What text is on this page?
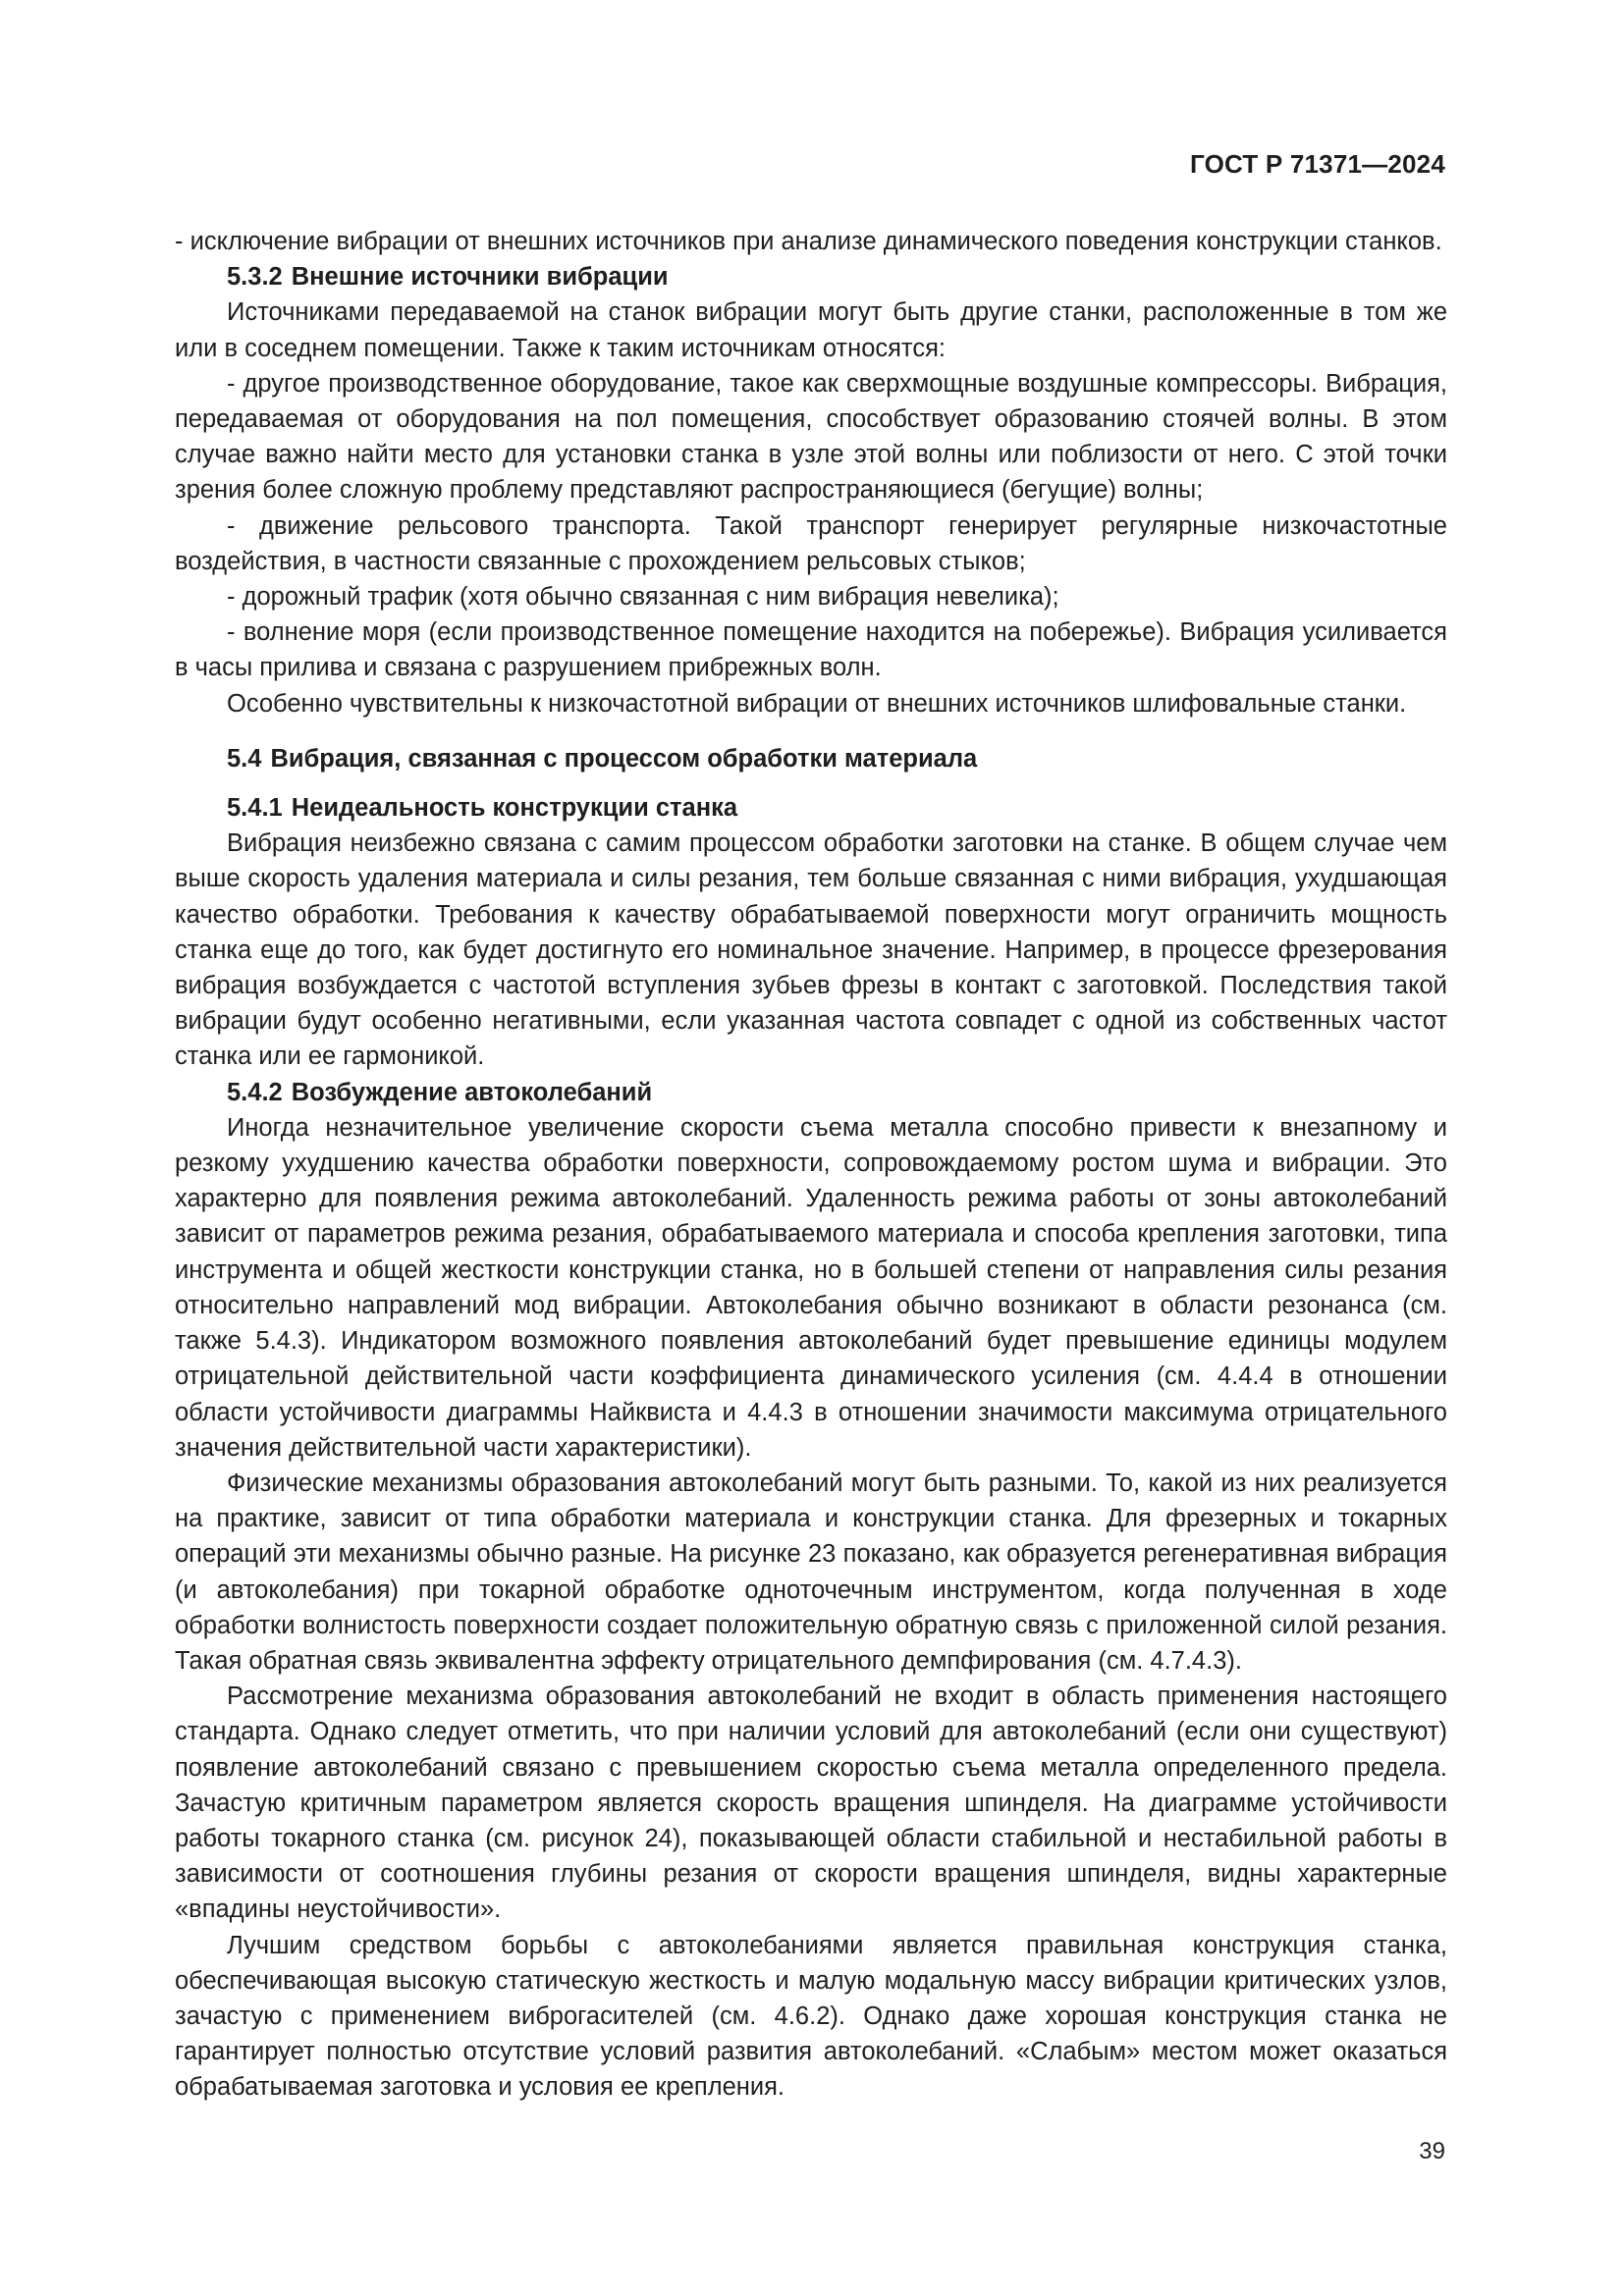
ГОСТ Р 71371—2024

- исключение вибрации от внешних источников при анализе динамического поведения конструкции станков.

5.3.2 Внешние источники вибрации

Источниками передаваемой на станок вибрации могут быть другие станки, расположенные в том же или в соседнем помещении. Также к таким источникам относятся:

- другое производственное оборудование, такое как сверхмощные воздушные компрессоры. Вибрация, передаваемая от оборудования на пол помещения, способствует образованию стоячей волны. В этом случае важно найти место для установки станка в узле этой волны или поблизости от него. С этой точки зрения более сложную проблему представляют распространяющиеся (бегущие) волны;

- движение рельсового транспорта. Такой транспорт генерирует регулярные низкочастотные воздействия, в частности связанные с прохождением рельсовых стыков;

- дорожный трафик (хотя обычно связанная с ним вибрация невелика);

- волнение моря (если производственное помещение находится на побережье). Вибрация усиливается в часы прилива и связана с разрушением прибрежных волн.

Особенно чувствительны к низкочастотной вибрации от внешних источников шлифовальные станки.

5.4 Вибрация, связанная с процессом обработки материала
5.4.1 Неидеальность конструкции станка

Вибрация неизбежно связана с самим процессом обработки заготовки на станке. В общем случае чем выше скорость удаления материала и силы резания, тем больше связанная с ними вибрация, ухудшающая качество обработки. Требования к качеству обрабатываемой поверхности могут ограничить мощность станка еще до того, как будет достигнуто его номинальное значение. Например, в процессе фрезерования вибрация возбуждается с частотой вступления зубьев фрезы в контакт с заготовкой. Последствия такой вибрации будут особенно негативными, если указанная частота совпадет с одной из собственных частот станка или ее гармоникой.

5.4.2 Возбуждение автоколебаний

Иногда незначительное увеличение скорости съема металла способно привести к внезапному и резкому ухудшению качества обработки поверхности, сопровождаемому ростом шума и вибрации. Это характерно для появления режима автоколебаний. Удаленность режима работы от зоны автоколебаний зависит от параметров режима резания, обрабатываемого материала и способа крепления заготовки, типа инструмента и общей жесткости конструкции станка, но в большей степени от направления силы резания относительно направлений мод вибрации. Автоколебания обычно возникают в области резонанса (см. также 5.4.3). Индикатором возможного появления автоколебаний будет превышение единицы модулем отрицательной действительной части коэффициента динамического усиления (см. 4.4.4 в отношении области устойчивости диаграммы Найквиста и 4.4.3 в отношении значимости максимума отрицательного значения действительной части характеристики).

Физические механизмы образования автоколебаний могут быть разными. То, какой из них реализуется на практике, зависит от типа обработки материала и конструкции станка. Для фрезерных и токарных операций эти механизмы обычно разные. На рисунке 23 показано, как образуется регенеративная вибрация (и автоколебания) при токарной обработке одноточечным инструментом, когда полученная в ходе обработки волнистость поверхности создает положительную обратную связь с приложенной силой резания. Такая обратная связь эквивалентна эффекту отрицательного демпфирования (см. 4.7.4.3).

Рассмотрение механизма образования автоколебаний не входит в область применения настоящего стандарта. Однако следует отметить, что при наличии условий для автоколебаний (если они существуют) появление автоколебаний связано с превышением скоростью съема металла определенного предела. Зачастую критичным параметром является скорость вращения шпинделя. На диаграмме устойчивости работы токарного станка (см. рисунок 24), показывающей области стабильной и нестабильной работы в зависимости от соотношения глубины резания от скорости вращения шпинделя, видны характерные «впадины неустойчивости».

Лучшим средством борьбы с автоколебаниями является правильная конструкция станка, обеспечивающая высокую статическую жесткость и малую модальную массу вибрации критических узлов, зачастую с применением виброгасителей (см. 4.6.2). Однако даже хорошая конструкция станка не гарантирует полностью отсутствие условий развития автоколебаний. «Слабым» местом может оказаться обрабатываемая заготовка и условия ее крепления.

39
